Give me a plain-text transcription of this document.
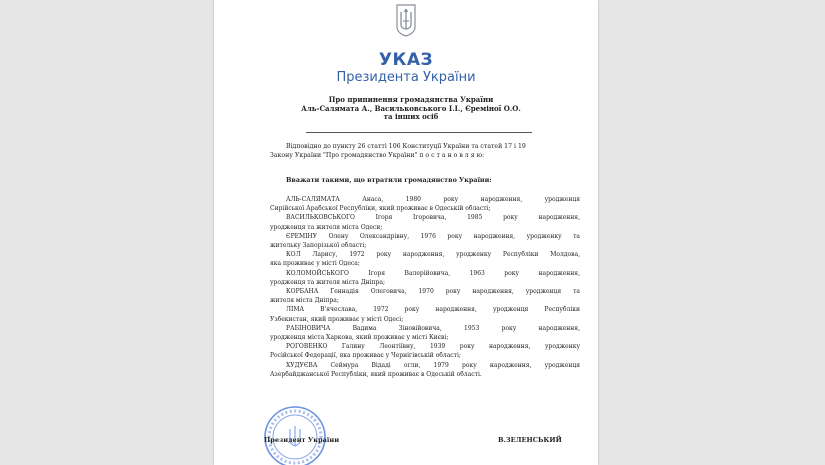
УКАЗ
Президента України
Про припинення громадянства України
Аль-Салямата А., Васильковського І.І., Єреміної О.О.
та інших осіб
Відповідно до пункту 26 статті 106 Конституції України та статей 17 і 19
Закону України "Про громадянство України" п о с т а н о в л я ю:
Вважати такими, що втратили громадянство України:
АЛЬ-САЛЯМАТА Анаса, 1980 року народження, уродженця
Сирійської Арабської Республіки, який проживає в Одеській області;
ВАСИЛЬКОВСЬКОГО Ігоря Ігоровича, 1985 року народження,
уродженця та жителя міста Одеси;
ЄРЕМІНУ Олену Олександрівну, 1976 року народження, уродженку та
жительку Запорізької області;
КОЛ Ларису, 1972 року народження, уродженку Республіки Молдова,
яка проживає у місті Одеса;
КОЛОМОЙСЬКОГО Ігоря Валерійовича, 1963 року народження,
уродженця та жителя міста Дніпра;
КОРБАНА Геннадія Олеговича, 1970 року народження, уродженця та
жителя міста Дніпра;
ЛІМА В'ячеслава, 1972 року народження, уродженця Республіки
Узбекистан, який проживає у місті Одесі;
РАБІНОВИЧА Вадима Зіновійовича, 1953 року народження,
уродженця міста Харкова, який проживає у місті Києві;
РОГОВЕНКО Галину Леонтіївну, 1939 року народження, уродженку
Російської Федерації, яка проживає у Чернігівській області;
ХУДУЄВА Сеймура Відаді огли, 1979 року народження, уродженця
Азербайджанської Республіки, який проживає в Одеській області.
Президент України	В.ЗЕЛЕНСЬКИЙ
